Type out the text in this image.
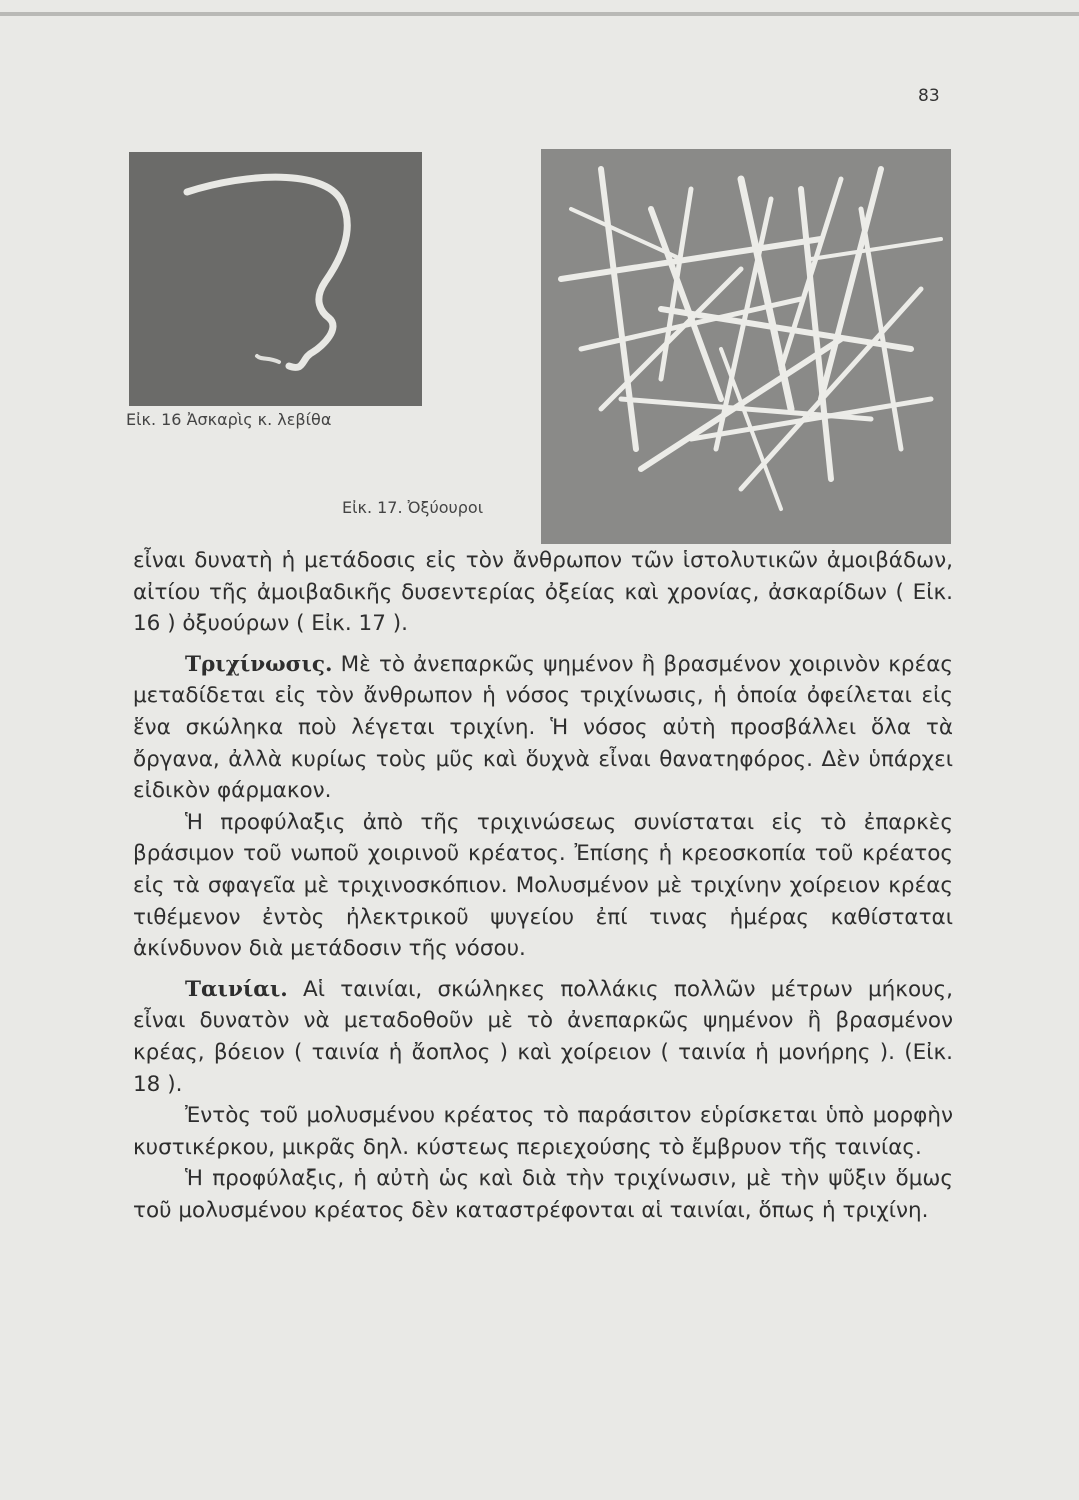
83
Εἰκ. 16 Ἀσκαρὶς κ. λεβίθα
Εἰκ. 17. Ὀξύουροι

εἶναι δυνατὴ ἡ μετάδοσις εἰς τὸν ἄνθρωπον τῶν ἱστολυτικῶν ἀμοιβάδων, αἰτίου τῆς ἀμοιβαδικῆς δυσεντερίας ὀξείας καὶ χρονίας, ἀσκαρίδων ( Εἰκ. 16 ) ὀξυούρων ( Εἰκ. 17 ).

Τριχίνωσις. Μὲ τὸ ἀνεπαρκῶς ψημένον ἢ βρασμένον χοιρινὸν κρέας μεταδίδεται εἰς τὸν ἄνθρωπον ἡ νόσος τριχίνωσις, ἡ ὁποία ὀφείλεται εἰς ἕνα σκώληκα ποὺ λέγεται τριχίνη. Ἡ νόσος αὐτὴ προσβάλλει ὅλα τὰ ὄργανα, ἀλλὰ κυρίως τοὺς μῦς καὶ ὅυχνὰ εἶναι θανατηφόρος. Δὲν ὑπάρχει εἰδικὸν φάρμακον.

Ἡ προφύλαξις ἀπὸ τῆς τριχινώσεως συνίσταται εἰς τὸ ἐπαρκὲς βράσιμον τοῦ νωποῦ χοιρινοῦ κρέατος. Ἐπίσης ἡ κρεοσκοπία τοῦ κρέατος εἰς τὰ σφαγεῖα μὲ τριχινοσκόπιον. Μολυσμένον μὲ τριχίνην χοίρειον κρέας τιθέμενον ἐντὸς ἠλεκτρικοῦ ψυγείου ἐπί τινας ἡμέρας καθίσταται ἀκίνδυνον διὰ μετάδοσιν τῆς νόσου.

Ταινίαι. Αἱ ταινίαι, σκώληκες πολλάκις πολλῶν μέτρων μήκους, εἶναι δυνατὸν νὰ μεταδοθοῦν μὲ τὸ ἀνεπαρκῶς ψημένον ἢ βρασμένον κρέας, βόειον ( ταινία ἡ ἄοπλος ) καὶ χοίρειον ( ταινία ἡ μονήρης ). (Εἰκ. 18 ).

Ἐντὸς τοῦ μολυσμένου κρέατος τὸ παράσιτον εὑρίσκεται ὑπὸ μορφὴν κυστικέρκου, μικρᾶς δηλ. κύστεως περιεχούσης τὸ ἔμβρυον τῆς ταινίας.

Ἡ προφύλαξις, ἡ αὐτὴ ὡς καὶ διὰ τὴν τριχίνωσιν, μὲ τὴν ψῦξιν ὅμως τοῦ μολυσμένου κρέατος δὲν καταστρέφονται αἱ ταινίαι, ὅπως ἡ τριχίνη.
